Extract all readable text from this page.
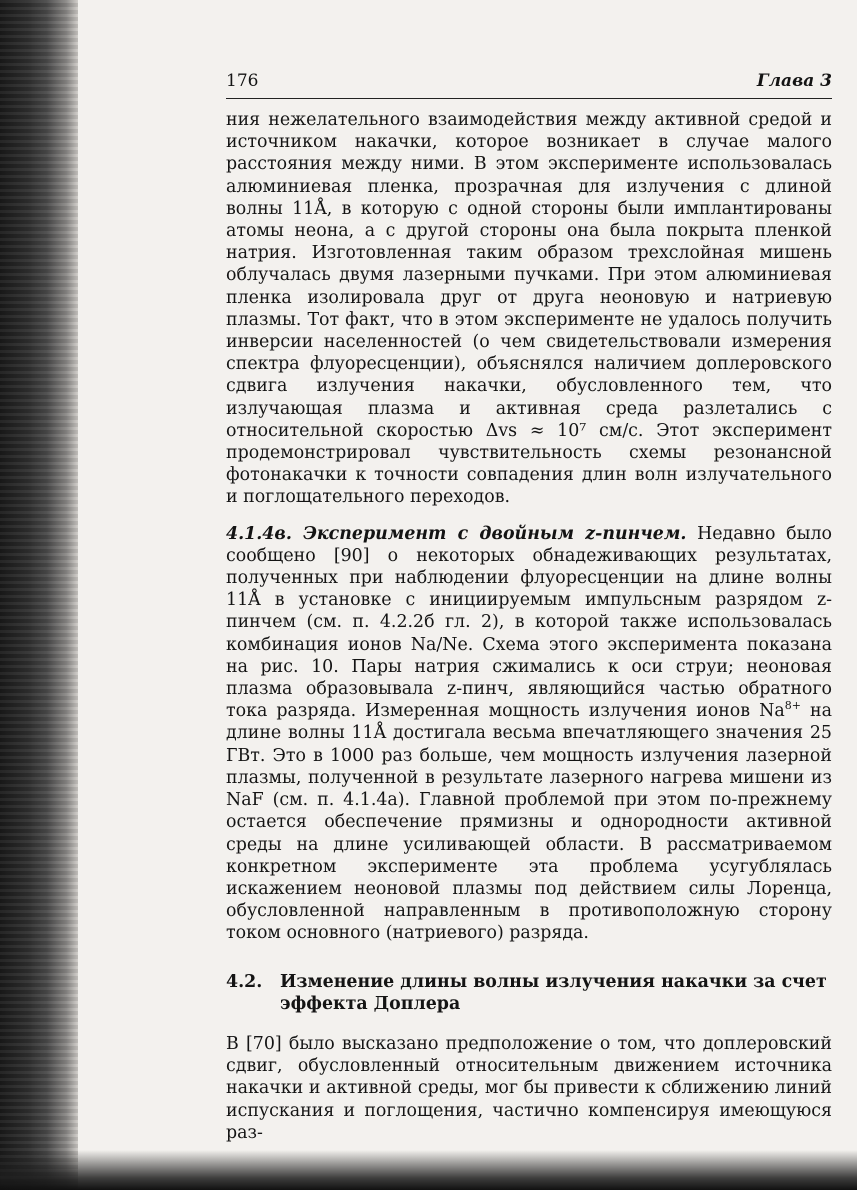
176	Глава 3

ния нежелательного взаимодействия между активной средой и источником накачки, которое возникает в случае малого расстояния между ними. В этом эксперименте использовалась алюминиевая пленка, прозрачная для излучения с длиной волны 11Å, в которую с одной стороны были имплантированы атомы неона, а с другой стороны она была покрыта пленкой натрия. Изготовленная таким образом трехслойная мишень облучалась двумя лазерными пучками. При этом алюминиевая пленка изолировала друг от друга неоновую и натриевую плазмы. Тот факт, что в этом эксперименте не удалось получить инверсии населенностей (о чем свидетельствовали измерения спектра флуоресценции), объяснялся наличием доплеровского сдвига излучения накачки, обусловленного тем, что излучающая плазма и активная среда разлетались с относительной скоростью Δvs ≈ 10⁷ см/с. Этот эксперимент продемонстрировал чувствительность схемы резонансной фотонакачки к точности совпадения длин волн излучательного и поглощательного переходов.

4.1.4в. Эксперимент с двойным z-пинчем. Недавно было сообщено [90] о некоторых обнадеживающих результатах, полученных при наблюдении флуоресценции на длине волны 11Å в установке с инициируемым импульсным разрядом z-пинчем (см. п. 4.2.2б гл. 2), в которой также использовалась комбинация ионов Na/Ne. Схема этого эксперимента показана на рис. 10. Пары натрия сжимались к оси струи; неоновая плазма образовывала z-пинч, являющийся частью обратного тока разряда. Измеренная мощность излучения ионов $Na^{8+}$ на длине волны 11Å достигала весьма впечатляющего значения 25 ГВт. Это в 1000 раз больше, чем мощность излучения лазерной плазмы, полученной в результате лазерного нагрева мишени из NaF (см. п. 4.1.4а). Главной проблемой при этом по-прежнему остается обеспечение прямизны и однородности активной среды на длине усиливающей области. В рассматриваемом конкретном эксперименте эта проблема усугублялась искажением неоновой плазмы под действием силы Лоренца, обусловленной направленным в противоположную сторону током основного (натриевого) разряда.

4.2.	Изменение длины волны излучения накачки за счет эффекта Доплера

В [70] было высказано предположение о том, что доплеровский сдвиг, обусловленный относительным движением источника накачки и активной среды, мог бы привести к сближению линий испускания и поглощения, частично компенсируя имеющуюся раз-
